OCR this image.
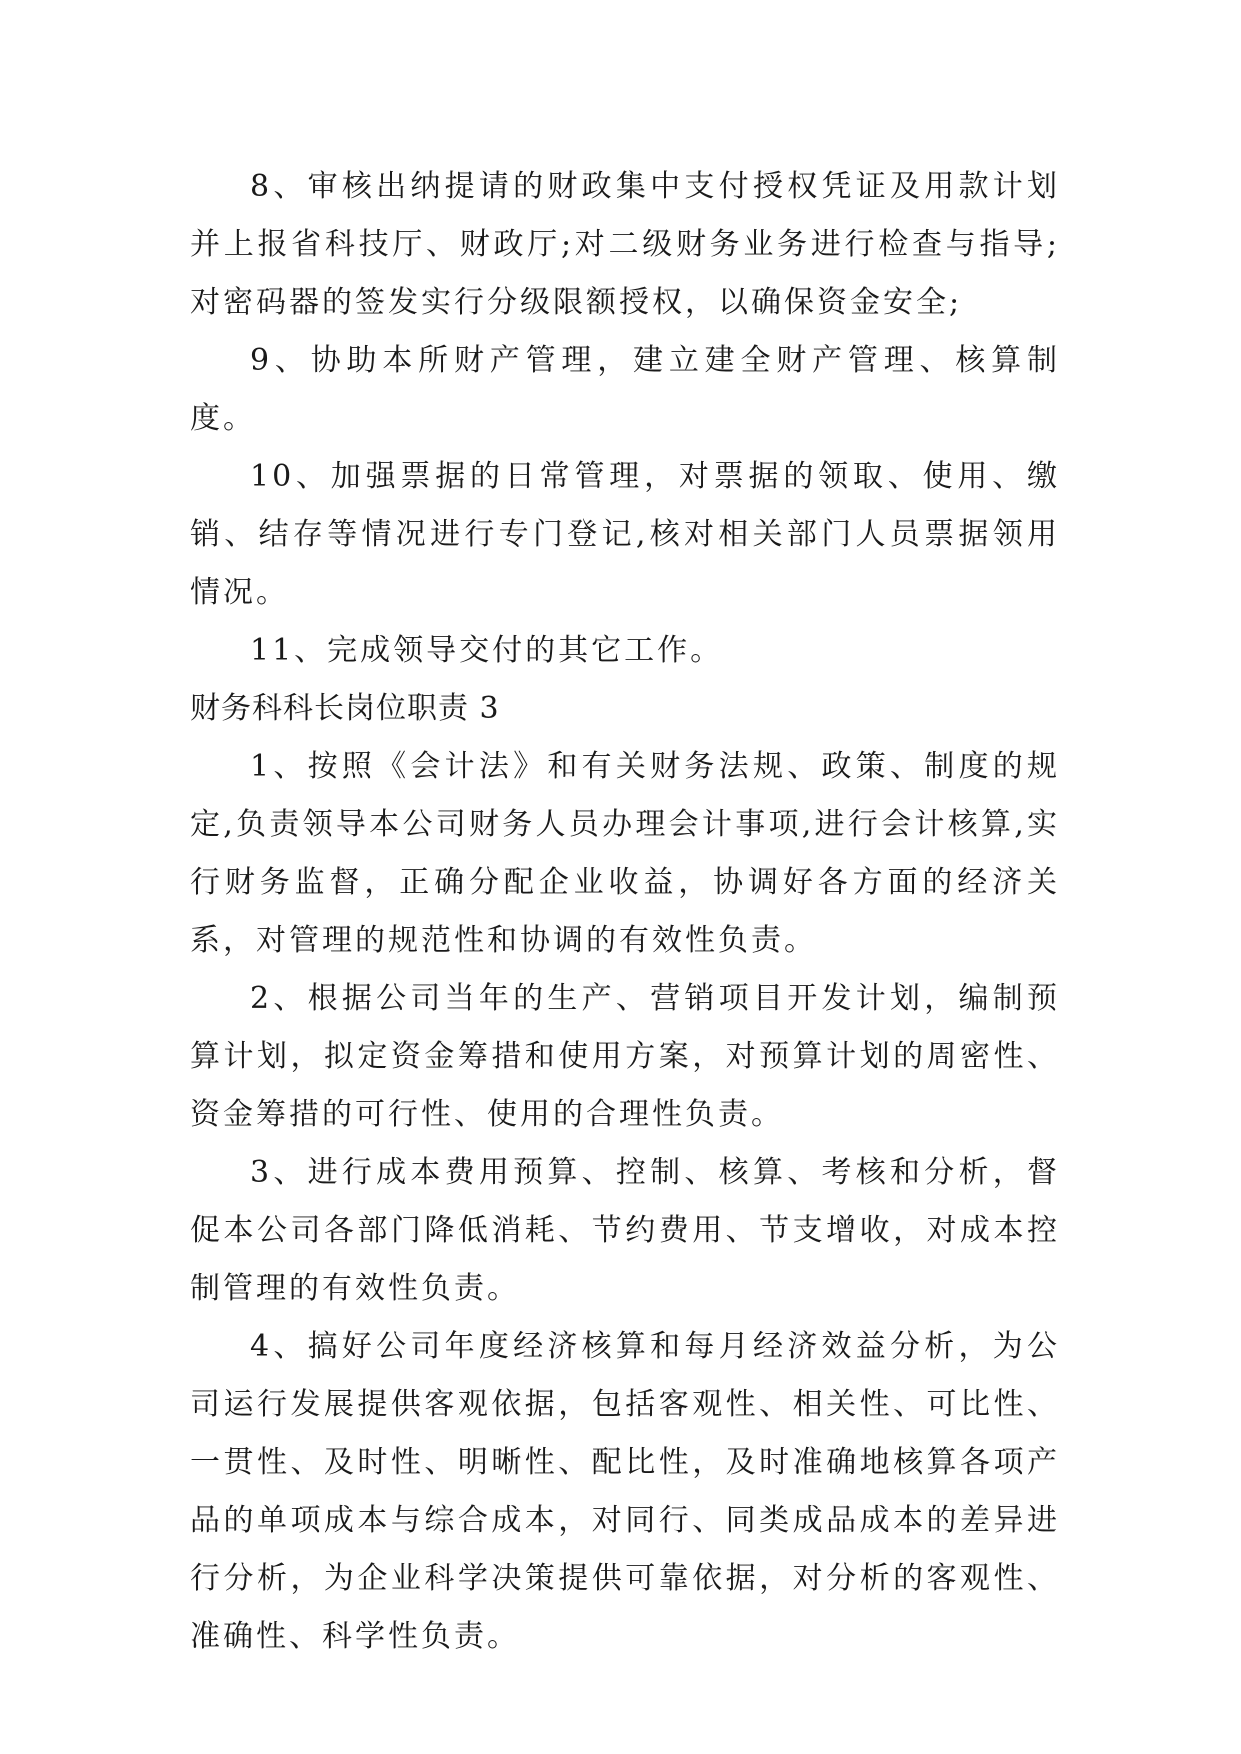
8、审核出纳提请的财政集中支付授权凭证及用款计划并上报省科技厅、财政厅;对二级财务业务进行检查与指导;对密码器的签发实行分级限额授权，以确保资金安全;

9、协助本所财产管理，建立建全财产管理、核算制度。

10、加强票据的日常管理，对票据的领取、使用、缴销、结存等情况进行专门登记,核对相关部门人员票据领用情况。

11、完成领导交付的其它工作。

财务科科长岗位职责 3

1、按照《会计法》和有关财务法规、政策、制度的规定,负责领导本公司财务人员办理会计事项,进行会计核算,实行财务监督，正确分配企业收益，协调好各方面的经济关系，对管理的规范性和协调的有效性负责。

2、根据公司当年的生产、营销项目开发计划，编制预算计划，拟定资金筹措和使用方案，对预算计划的周密性、资金筹措的可行性、使用的合理性负责。

3、进行成本费用预算、控制、核算、考核和分析，督促本公司各部门降低消耗、节约费用、节支增收，对成本控制管理的有效性负责。

4、搞好公司年度经济核算和每月经济效益分析，为公司运行发展提供客观依据，包括客观性、相关性、可比性、一贯性、及时性、明晰性、配比性，及时准确地核算各项产品的单项成本与综合成本，对同行、同类成品成本的差异进行分析，为企业科学决策提供可靠依据，对分析的客观性、准确性、科学性负责。
